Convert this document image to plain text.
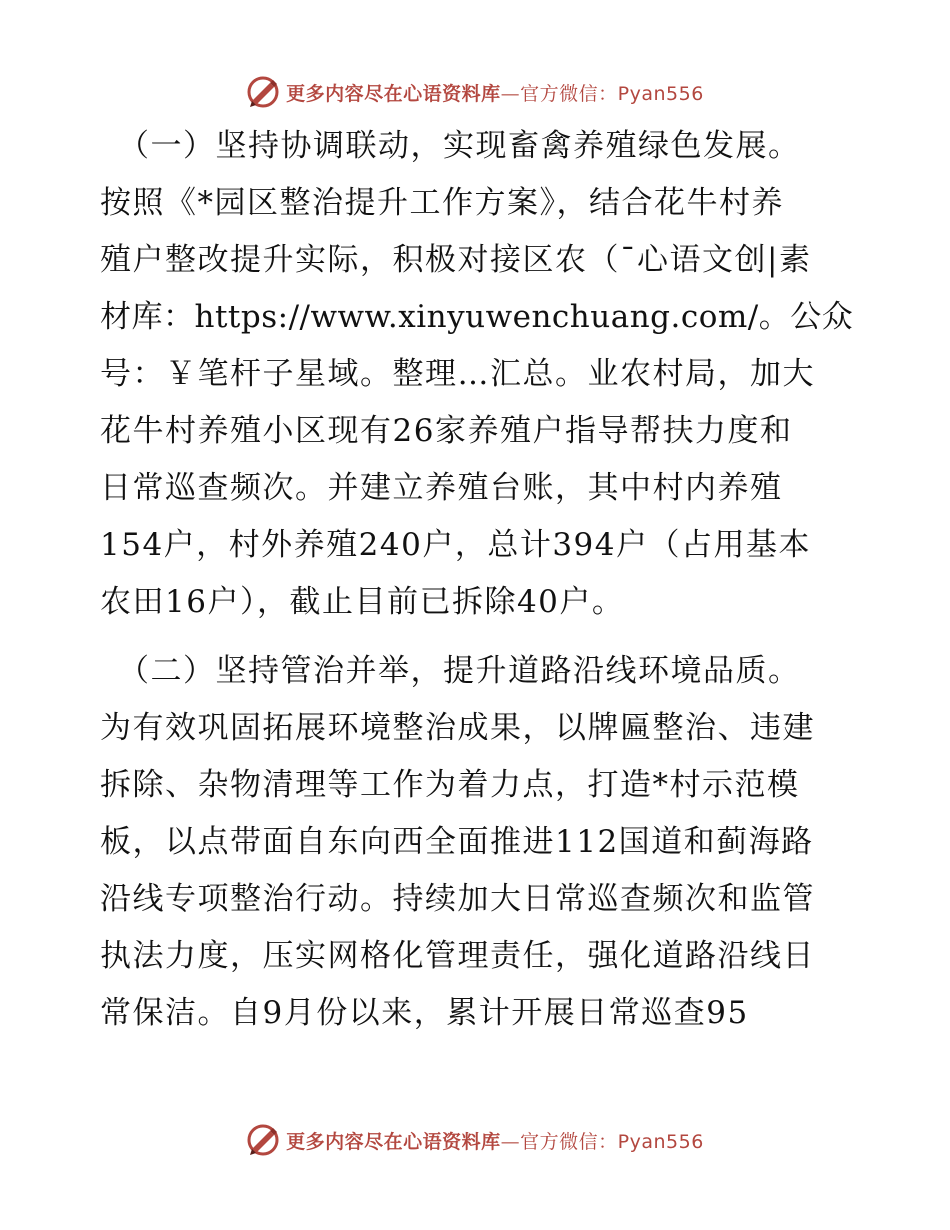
更多内容尽在心语资料库—官方微信：Pyan556
（一）坚持协调联动，实现畜禽养殖绿色发展。
按照《*园区整治提升工作方案》，结合花牛村养
殖户整改提升实际，积极对接区农（¯心语文创|素
材库：https://www.xinyuwenchuang.com/。公众
号：￥笔杆子星域。整理…汇总。业农村局，加大
花牛村养殖小区现有26家养殖户指导帮扶力度和
日常巡查频次。并建立养殖台账，其中村内养殖
154户，村外养殖240户，总计394户（占用基本
农田16户），截止目前已拆除40户。
（二）坚持管治并举，提升道路沿线环境品质。
为有效巩固拓展环境整治成果，以牌匾整治、违建
拆除、杂物清理等工作为着力点，打造*村示范模
板，以点带面自东向西全面推进112国道和蓟海路
沿线专项整治行动。持续加大日常巡查频次和监管
执法力度，压实网格化管理责任，强化道路沿线日
常保洁。自9月份以来，累计开展日常巡查95
更多内容尽在心语资料库—官方微信：Pyan556
